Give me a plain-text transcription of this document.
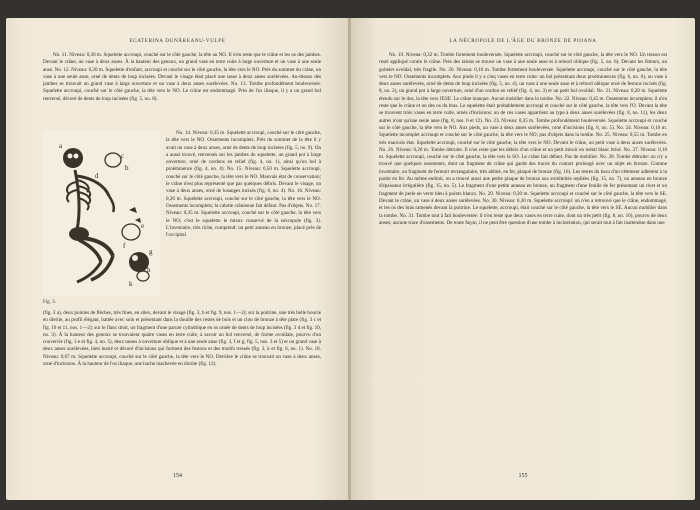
ECATERINA DUNĂREANU-VULPE

No. 11. Niveau: 0,30 m. Squelette accroupi, couché sur le côté gauche, la tête au NO. Il n'en reste que le crâne et les os des jambes. Devant le crâne, un vase à deux anses. À la hauteur des genoux, un grand vase en terre cuite à large ouverture et un vase à une seule anse. No. 12. Niveau: 0,20 m. Squelette d'enfant, accroupi et couché sur le côté gauche, la tête vers le NO. Près du sommet du crâne, un vase à une seule anse, orné de dents de loup incisées. Devant le visage était placé une tasse à deux anses surélevées. Au-dessus des jambes se trouvait un grand vase à large ouverture et un vase à deux anses surélevées. No. 13. Tombe profondément bouleversée. Squelette accroupi, couché sur le côté gauche, la tête vers le NO. Le crâne est endommagé. Près de l'os iliaque, il y a un grand bol renversé, décoré de dents de loup incisées (fig. 5, no. 8).

a
b
c
d
e
f
g
h
k
Fig. 3.

No. 14. Niveau: 0,35 m. Squelette accroupi, couché sur le côté gauche, la tête vers le NO. Ossements incomplets. Près du sommet de la tête il y avait un vase à deux anses, orné de dents de loup incisées (fig. 5, no. 9). On a aussi trouvé, renversés sur les jambes du squelette, un grand pot à large ouverture, orné de cordons en relief (fig. 4, no. 1), ainsi qu'un bol à proéminence (fig. 4, no. 4). No. 15. Niveau: 0,50 m. Squelette accroupi, couché sur le côté gauche, la tête vers le NO. Mauvais état de conservation; le crâne n'est plus représenté que par quelques débris. Devant le visage, un vase à deux anses, orné de losanges incisés (fig. 6, no. 4). No. 16. Niveau: 0,20 m. Squelette accroupi, couché sur le côté gauche, la tête vers le NO. Ossements incomplets; la calotte crânienne fait défaut. Pas d'objets. No. 17. Niveau: 0,35 m. Squelette accroupi, couché sur le côté gauche, la tête vers le NO; c'est le squelette le mieux conservé de la nécropole (fig. 3). L'inventaire, très riche, comprend: un petit anneau en bronze, placé près de l'occipital

(fig. 3 a), deux pointes de flèches, très fines, en silex, devant le visage (fig. 3, b et fig. 9, nos. 1—2); sur la poitrine, une très belle boucle en dierite, au profil élégant, battée avec soin et présentant dans la douille des restes de bois et un clou de bronze à tête plate (fig. 3 c et fig. 10 et 11, nos. 1—2); sur le flanc droit, un fragment d'une parure cylindrique en os ornée de dents de loup incisées (fig. 3 d et fig. 10, no. 3). À la hauteur des genoux se trouvaient quatre vases en terre cuite, à savoir un bol renversé, de forme ovoïdale, pourvu d'un couvercle (fig. 3 e et fig. 4, no. 5), deux tasses à ouverture oblique et à une seule anse (fig. 3, f et g; fig. 5, nos. 3 et 5) et un grand vase à deux anses surélevées, bien lustré et décoré d'incisions qui forment des festons et des motifs tressés (fig. 3, k et fig. 6, no. 1). No. 18. Niveau: 0,67 m. Squelette accroupi, couché sur le côté gauche, la tête vers le NO. Derrière le crâne se trouvait un vase à deux anses, orné d'incisions. À la hauteur de l'os iliaque, une hache inachevée en diorite (fig. 12).

154
LA NÉCROPOLE DE L'ÂGE DU BRONZE DE POIANA

No. 19. Niveau: 0,32 m. Tombe fortement bouleversée. Squelette accroupi, couché sur le côté gauche, la tête vers le NO. Un tesson est resté appliqué contre le crâne. Près des talons se trouve un vase à une seule anse et à rebord oblique (fig. 5, no. 6). Devant les fémurs, un gobelet ovoïdal, très fragile. No. 20. Niveau: 0,10 m. Tombe fortement bouleversée. Squelette accroupi, couché sur le côté gauche, la tête vers le NO. Ossements incomplets. Aux pieds il y a cinq vases en terre cuite: un bol présentant deux proéminences (fig. 6, no. 6), un vase à deux anses surélevées, orné de dents de loup incisées (fig. 5, no. 4), un vase à une seule anse et à rebord oblique orné de festons incisés (fig. 8, no. 2), un grand pot à large ouverture, orné d'un cordon en relief (fig. 4, no. 3) et un petit bol ovoïdal. No. 21. Niveau: 0,20 m. Squelette étendu sur le dos, la tête vers l'ESE. Le crâne manque. Aucun mobilier dans la tombe. No. 22. Niveau: 0,45 m. Ossements incomplets; il n'en reste que le crâne et un des os du bras. Le squelette était probablement accroupi et couché sur le côté gauche, la tête vers l'O. Devant la tête se trouvent trois vases en terre cuite, ornés d'incisions: un de ces vases appartient au type à deux anses surélevées (fig. 8, no. 11), les deux autres n'ont qu'une seule anse (fig. 8, nos. 6 et 12). No. 23. Niveau: 0,35 m. Tombe profondément bouleversée. Squelette accroupi et couché sur le côté gauche, la tête vers le NO. Aux pieds, un vase à deux anses surélevées, orné d'incisions (fig. 8, no. 5). No. 24. Niveau: 0,10 m. Squelette incomplet accroupi et couché sur le côté gauche, la tête vers le NO; pas d'objets dans la tombe. No. 25. Niveau: 0,55 m. Tombe en très mauvais état. Squelette accroupi, couché sur le côté gauche, la tête vers le NO. Devant le crâne, un petit vase à deux anses surélevées. No. 26. Niveau: 0,20 m. Tombe détruite. Il n'en reste que les débris d'un crâne et un petit miroir en métal blanc brisé. No. 27. Niveau: 0,10 m. Squelette accroupi, couché sur le côté gauche, la tête vers le SO. Le crâne fait défaut. Pas de mobilier. No. 28. Tombe détruite: on n'y a trouvé que quelques ossements, dont un fragment de crâne qui garde des traces du contact prolongé avec un objet en bronze. Comme inventaire, un fragment de fermoir rectangulaire, très abîmé, en fer, plaqué de bronze (fig. 16). Les restes du tissu d'un vêtement adhérent à la partie en fer. Au même endroit, on a trouvé aussi une petite plaque de bronze aux extrémités repliées (fig. 15, no. 7), un anneau en bronze d'épaisseur irrégulière (fig. 15, no. 5). Le fragment d'une petite anneau en bronze, un fragment d'une feuille de fer présentant un rivet et un fragment de perle en verre bleu à points blancs. No. 29. Niveau: 0,30 m. Squelette accroupi et couché sur le côté gauche, la tête vers le SE. Devant le crâne, un vase à deux anses surélevées. No. 30. Niveau: 0,30 m. Squelette accroupi: on n'en a retrouvé que le crâne, endommagé, et les os des bras ramenés devant la poitrine. Le squelette, accroupi, était couché sur le côté gauche, la tête vers le SE. Aucun mobilier dans la tombe. No. 31. Tombe tout à fait bouleversée: il n'en reste que deux vases en terre cuite, dont un très petit (fig. 8, no. 10), pourvu de deux anses; aucune trace d'ossements. De toute façon, il ne peut être question d'une tombe à incinération, qui serait tout à fait inattendue dans une

155
